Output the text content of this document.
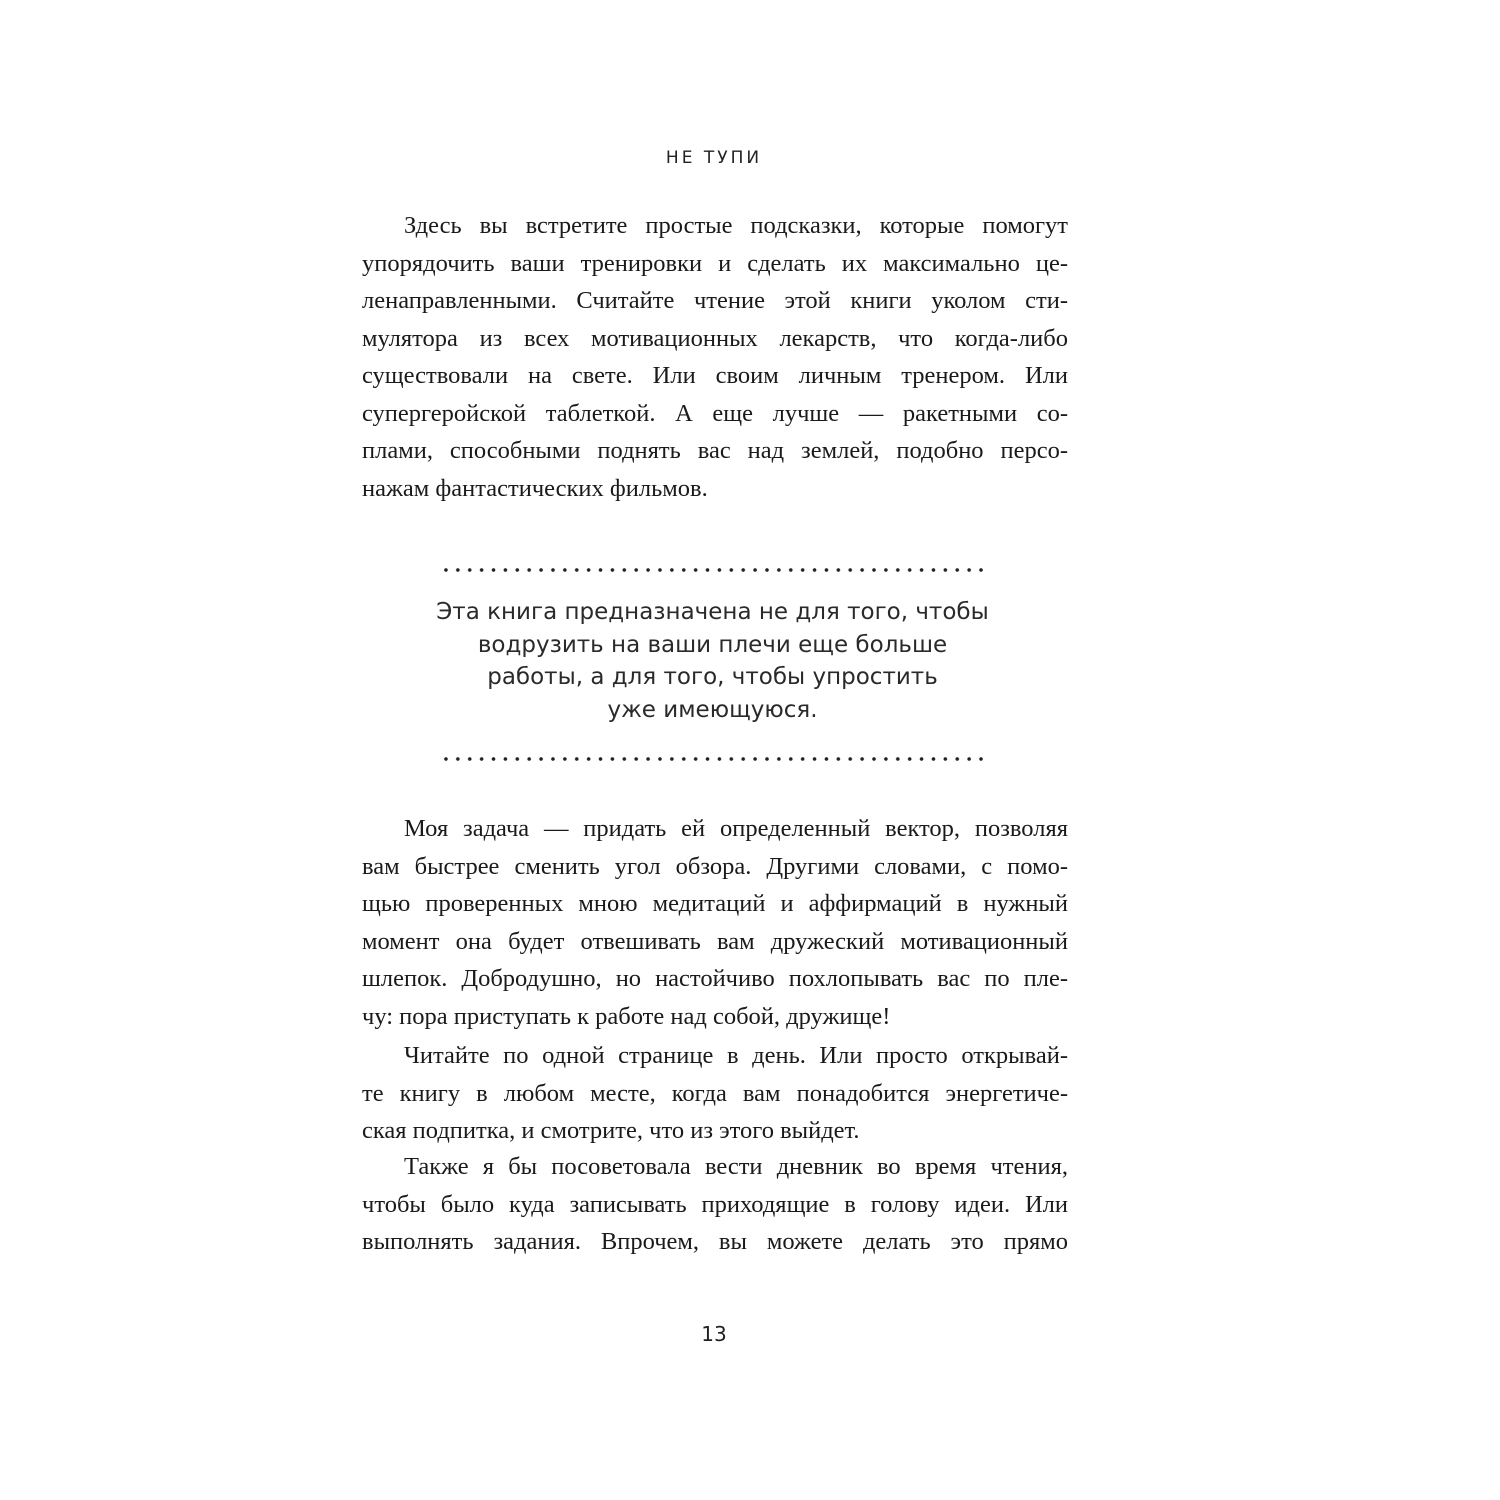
НЕ ТУПИ
Здесь вы встретите простые подсказки, которые помогут
упорядочить ваши тренировки и сделать их максимально це-
ленаправленными. Считайте чтение этой книги уколом сти-
мулятора из всех мотивационных лекарств, что когда-либо
существовали на свете. Или своим личным тренером. Или
супергеройской таблеткой. А еще лучше — ракетными со-
плами, способными поднять вас над землей, подобно персо-
нажам фантастических фильмов.
Эта книга предназначена не для того, чтобы
водрузить на ваши плечи еще больше
работы, а для того, чтобы упростить
уже имеющуюся.
Моя задача — придать ей определенный вектор, позволяя
вам быстрее сменить угол обзора. Другими словами, с помо-
щью проверенных мною медитаций и аффирмаций в нужный
момент она будет отвешивать вам дружеский мотивационный
шлепок. Добродушно, но настойчиво похлопывать вас по пле-
чу: пора приступать к работе над собой, дружище!
Читайте по одной странице в день. Или просто открывай-
те книгу в любом месте, когда вам понадобится энергетиче-
ская подпитка, и смотрите, что из этого выйдет.
Также я бы посоветовала вести дневник во время чтения,
чтобы было куда записывать приходящие в голову идеи. Или
выполнять задания. Впрочем, вы можете делать это прямо
13
